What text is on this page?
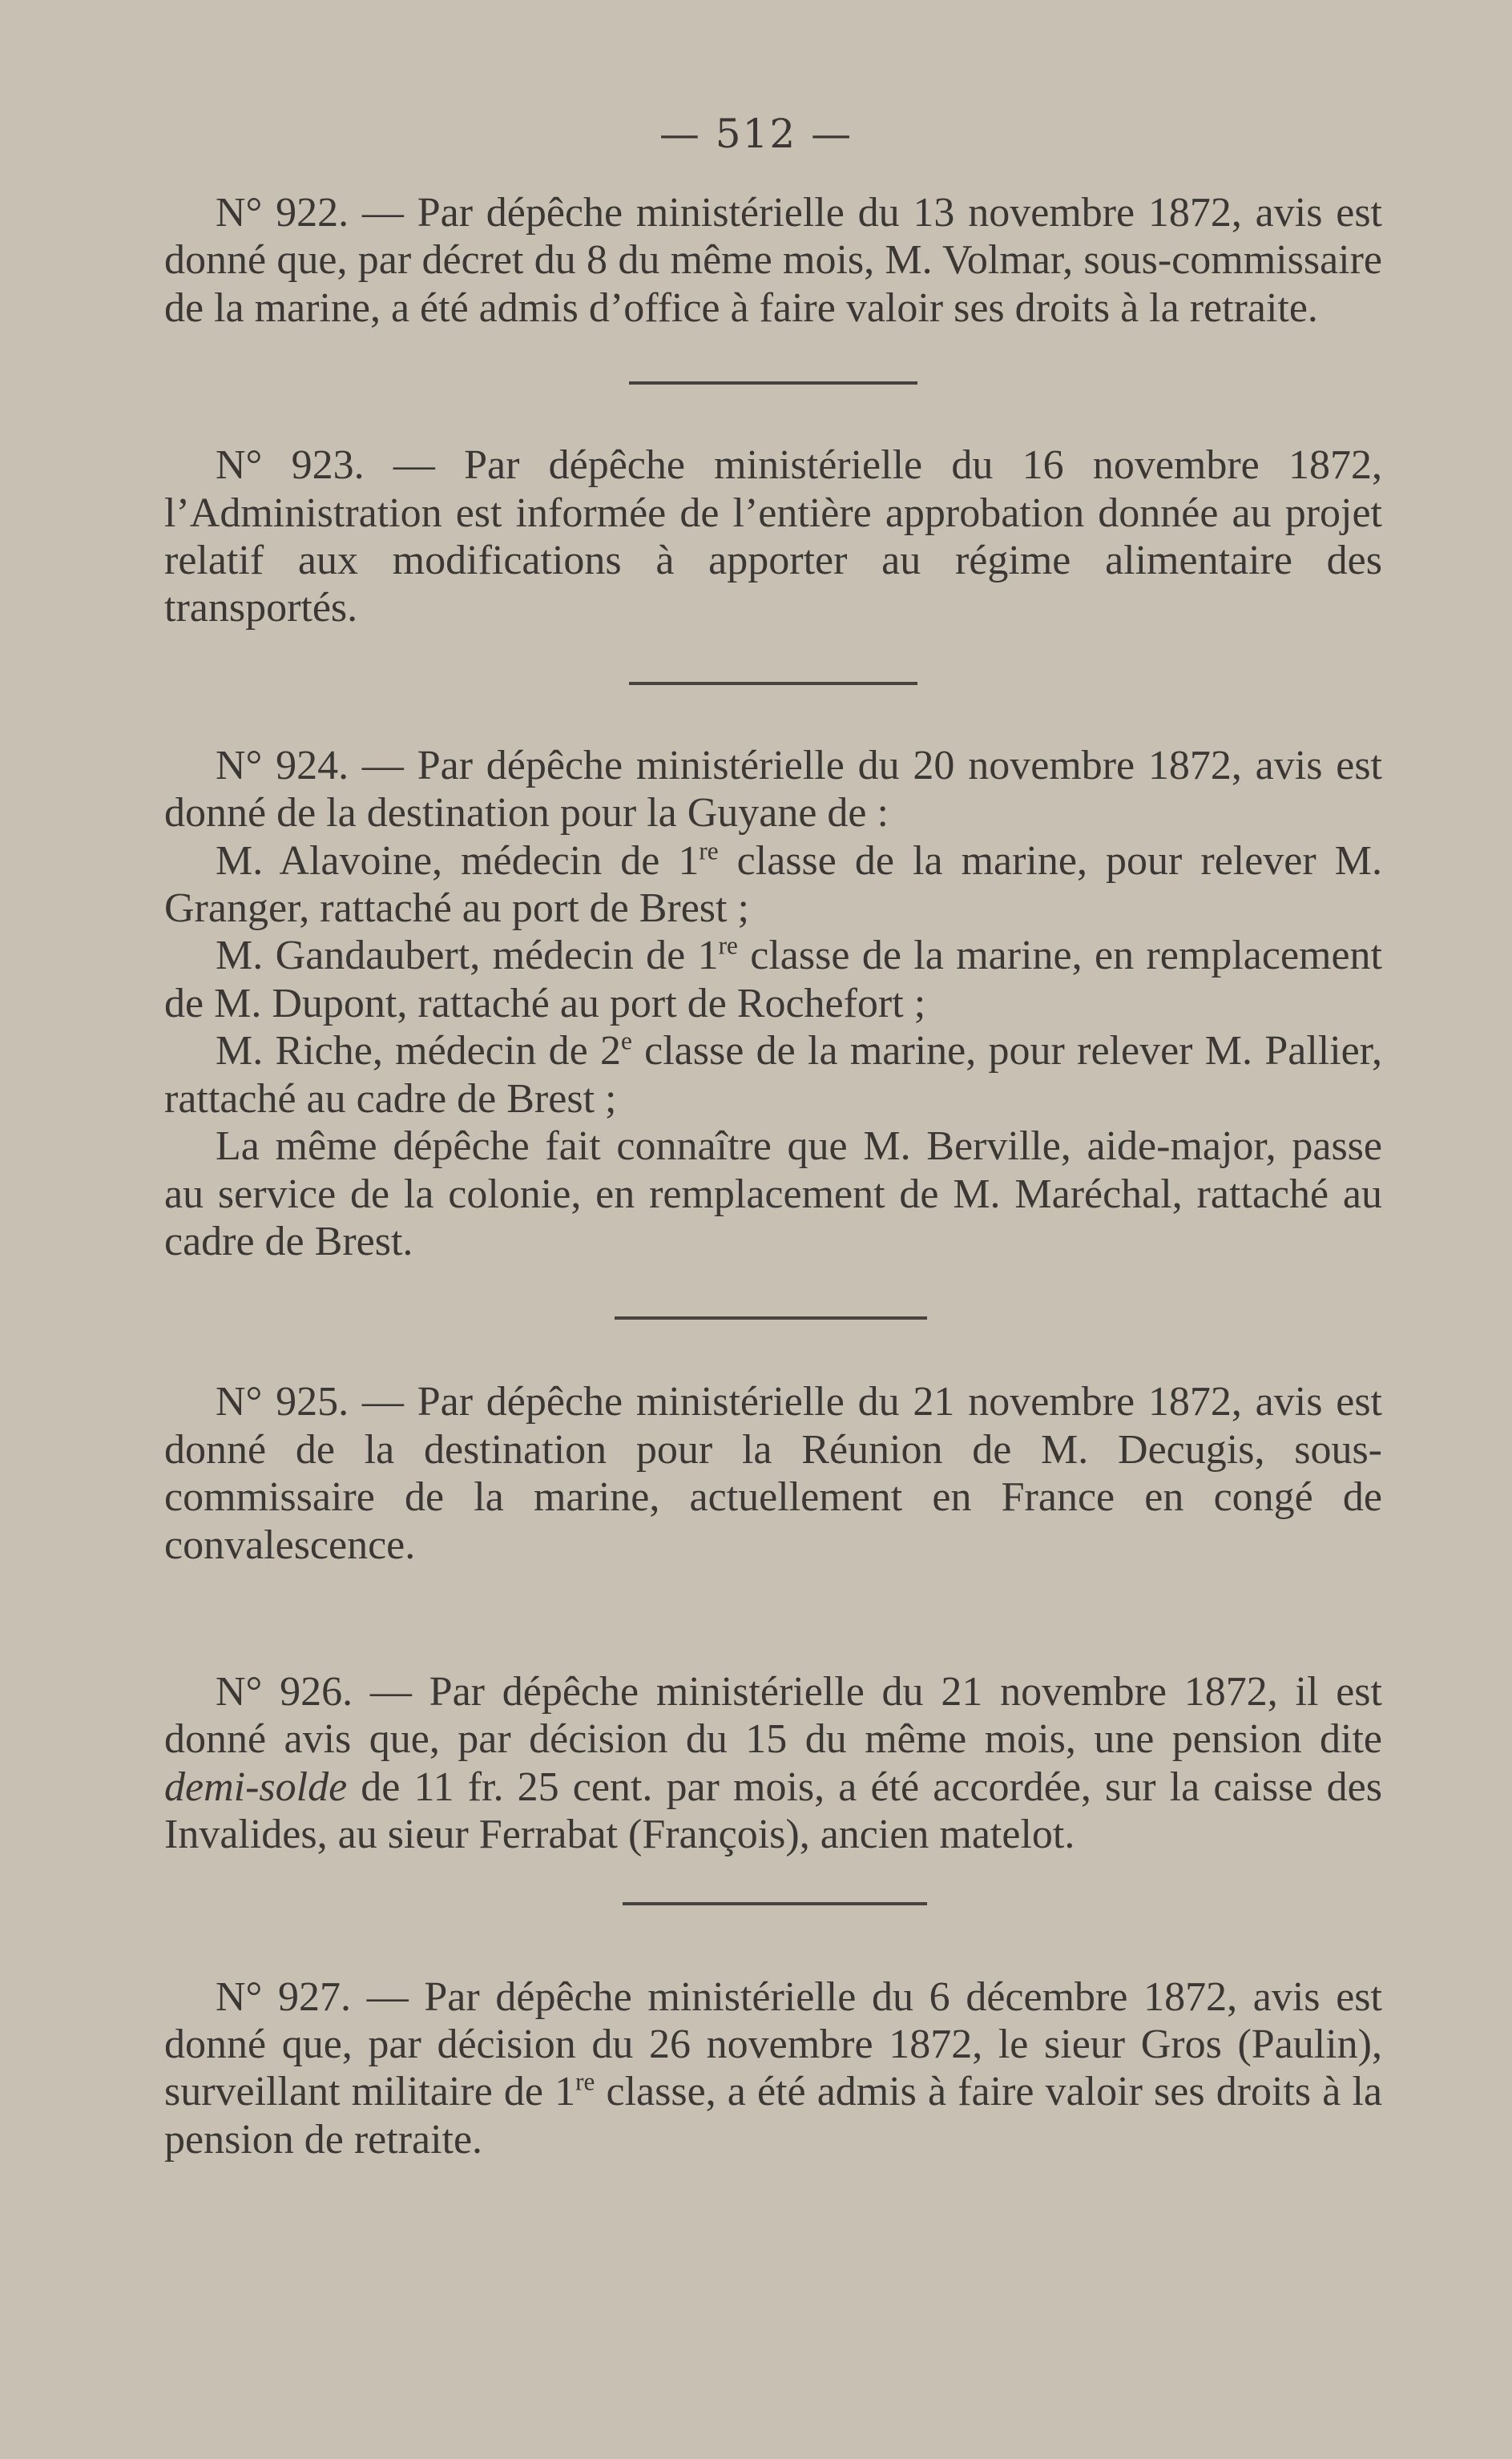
— 512 —

N° 922. — Par dépêche ministérielle du 13 novembre 1872, avis est donné que, par décret du 8 du même mois, M. Volmar, sous-commissaire de la marine, a été admis d’office à faire valoir ses droits à la retraite.

N° 923. — Par dépêche ministérielle du 16 novembre 1872, l’Administration est informée de l’entière approbation donnée au projet relatif aux modifications à apporter au régime alimentaire des transportés.

N° 924. — Par dépêche ministérielle du 20 novembre 1872, avis est donné de la destination pour la Guyane de :

M. Alavoine, médecin de 1re classe de la marine, pour relever M. Granger, rattaché au port de Brest ;

M. Gandaubert, médecin de 1re classe de la marine, en remplacement de M. Dupont, rattaché au port de Rochefort ;

M. Riche, médecin de 2e classe de la marine, pour relever M. Pallier, rattaché au cadre de Brest ;

La même dépêche fait connaître que M. Berville, aide-major, passe au service de la colonie, en remplacement de M. Maréchal, rattaché au cadre de Brest.

N° 925. — Par dépêche ministérielle du 21 novembre 1872, avis est donné de la destination pour la Réunion de M. Decugis, sous-commissaire de la marine, actuellement en France en congé de convalescence.

N° 926. — Par dépêche ministérielle du 21 novembre 1872, il est donné avis que, par décision du 15 du même mois, une pension dite demi-solde de 11 fr. 25 cent. par mois, a été accordée, sur la caisse des Invalides, au sieur Ferrabat (François), ancien matelot.

N° 927. — Par dépêche ministérielle du 6 décembre 1872, avis est donné que, par décision du 26 novembre 1872, le sieur Gros (Paulin), surveillant militaire de 1re classe, a été admis à faire valoir ses droits à la pension de retraite.
